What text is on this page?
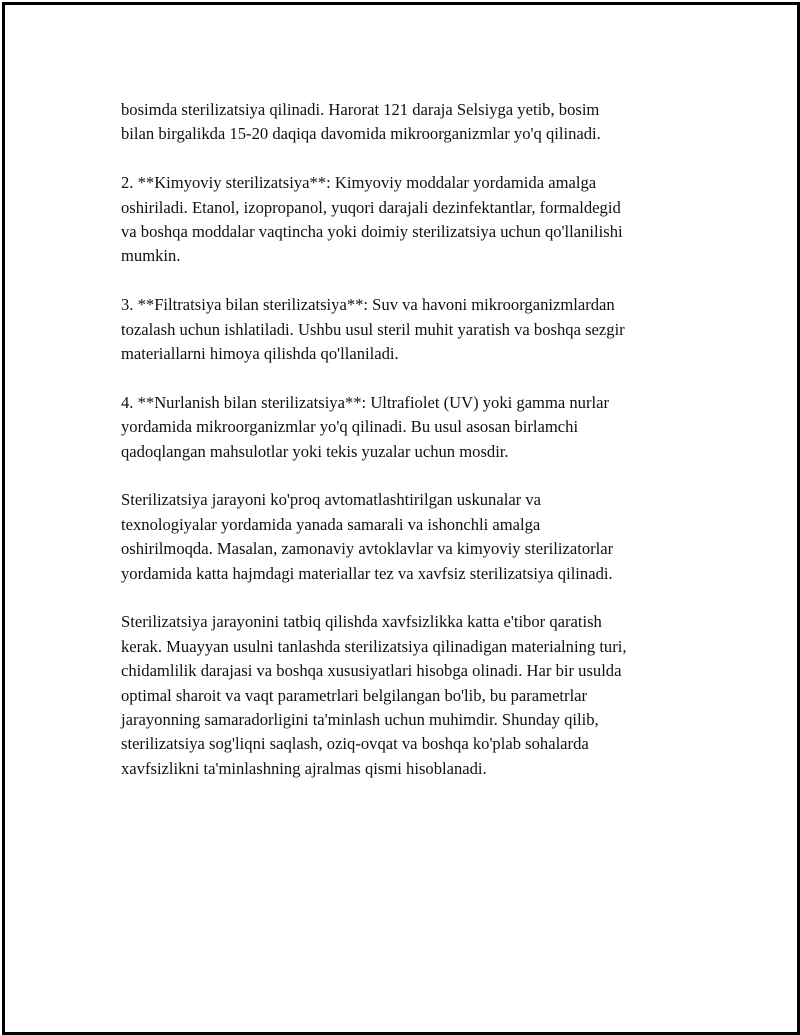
bosimda sterilizatsiya qilinadi. Harorat 121 daraja Selsiyga yetib, bosim
bilan birgalikda 15-20 daqiqa davomida mikroorganizmlar yo'q qilinadi.

2. **Kimyoviy sterilizatsiya**: Kimyoviy moddalar yordamida amalga
oshiriladi. Etanol, izopropanol, yuqori darajali dezinfektantlar, formaldegid
va boshqa moddalar vaqtincha yoki doimiy sterilizatsiya uchun qo'llanilishi
mumkin.

3. **Filtratsiya bilan sterilizatsiya**: Suv va havoni mikroorganizmlardan
tozalash uchun ishlatiladi. Ushbu usul steril muhit yaratish va boshqa sezgir
materiallarni himoya qilishda qo'llaniladi.

4. **Nurlanish bilan sterilizatsiya**: Ultrafiolet (UV) yoki gamma nurlar
yordamida mikroorganizmlar yo'q qilinadi. Bu usul asosan birlamchi
qadoqlangan mahsulotlar yoki tekis yuzalar uchun mosdir.

Sterilizatsiya jarayoni ko'proq avtomatlashtirilgan uskunalar va
texnologiyalar yordamida yanada samarali va ishonchli amalga
oshirilmoqda. Masalan, zamonaviy avtoklavlar va kimyoviy sterilizatorlar
yordamida katta hajmdagi materiallar tez va xavfsiz sterilizatsiya qilinadi.

Sterilizatsiya jarayonini tatbiq qilishda xavfsizlikka katta e'tibor qaratish
kerak. Muayyan usulni tanlashda sterilizatsiya qilinadigan materialning turi,
chidamlilik darajasi va boshqa xususiyatlari hisobga olinadi. Har bir usulda
optimal sharoit va vaqt parametrlari belgilangan bo'lib, bu parametrlar
jarayonning samaradorligini ta'minlash uchun muhimdir. Shunday qilib,
sterilizatsiya sog'liqni saqlash, oziq-ovqat va boshqa ko'plab sohalarda
xavfsizlikni ta'minlashning ajralmas qismi hisoblanadi.
